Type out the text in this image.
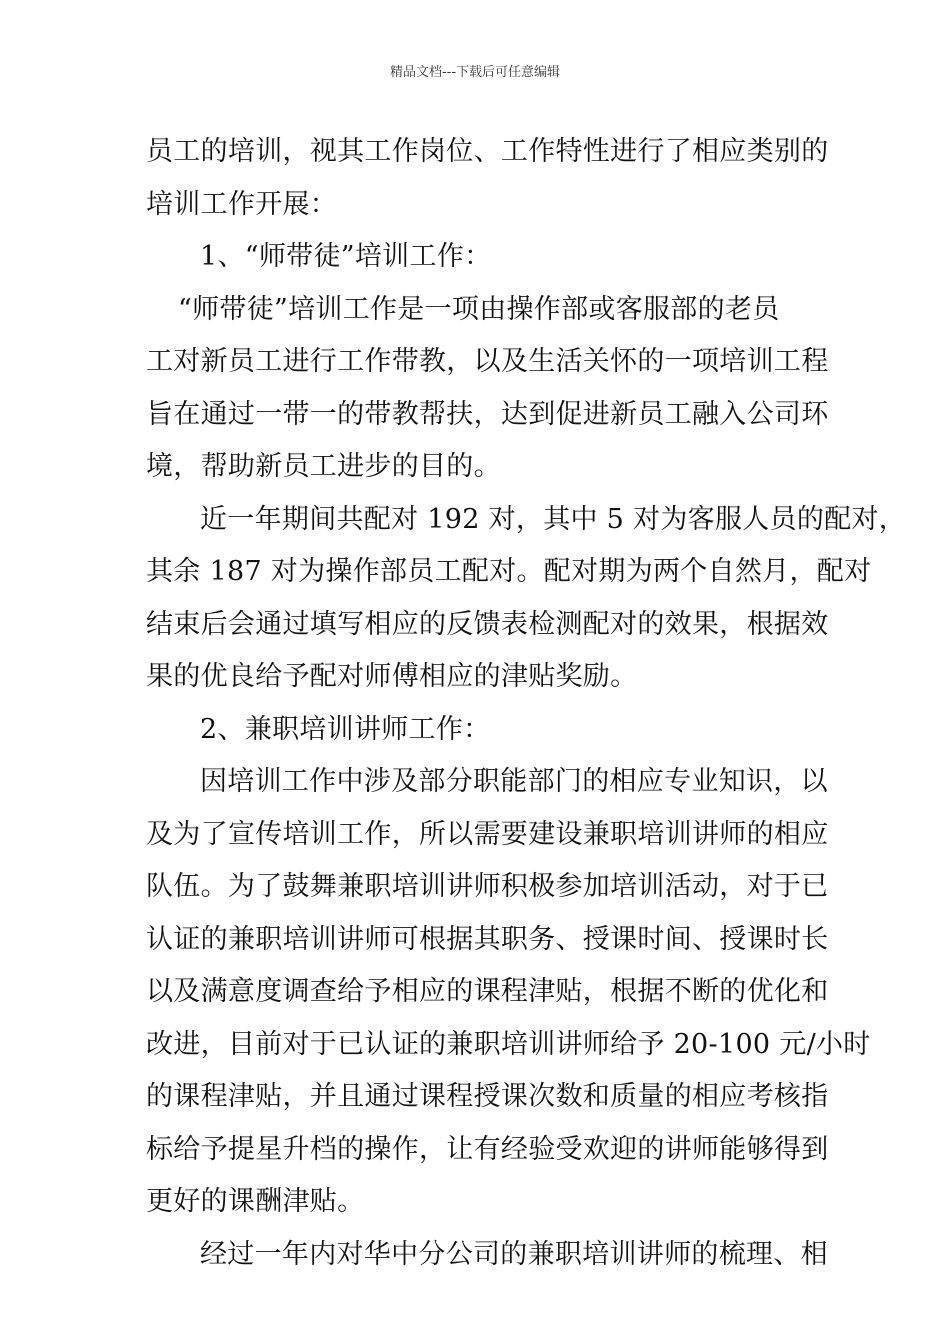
精品文档---下载后可任意编辑
员工的培训，视其工作岗位、工作特性进行了相应类别的
培训工作开展：
1、“师带徒”培训工作：
“师带徒”培训工作是一项由操作部或客服部的老员
工对新员工进行工作带教，以及生活关怀的一项培训工程
旨在通过一带一的带教帮扶，达到促进新员工融入公司环
境，帮助新员工进步的目的。
近一年期间共配对 192 对，其中 5 对为客服人员的配对，
其余 187 对为操作部员工配对。配对期为两个自然月，配对
结束后会通过填写相应的反馈表检测配对的效果，根据效
果的优良给予配对师傅相应的津贴奖励。
2、兼职培训讲师工作：
因培训工作中涉及部分职能部门的相应专业知识，以
及为了宣传培训工作，所以需要建设兼职培训讲师的相应
队伍。为了鼓舞兼职培训讲师积极参加培训活动，对于已
认证的兼职培训讲师可根据其职务、授课时间、授课时长
以及满意度调查给予相应的课程津贴，根据不断的优化和
改进，目前对于已认证的兼职培训讲师给予 20-100 元/小时
的课程津贴，并且通过课程授课次数和质量的相应考核指
标给予提星升档的操作，让有经验受欢迎的讲师能够得到
更好的课酬津贴。
经过一年内对华中分公司的兼职培训讲师的梳理、相
